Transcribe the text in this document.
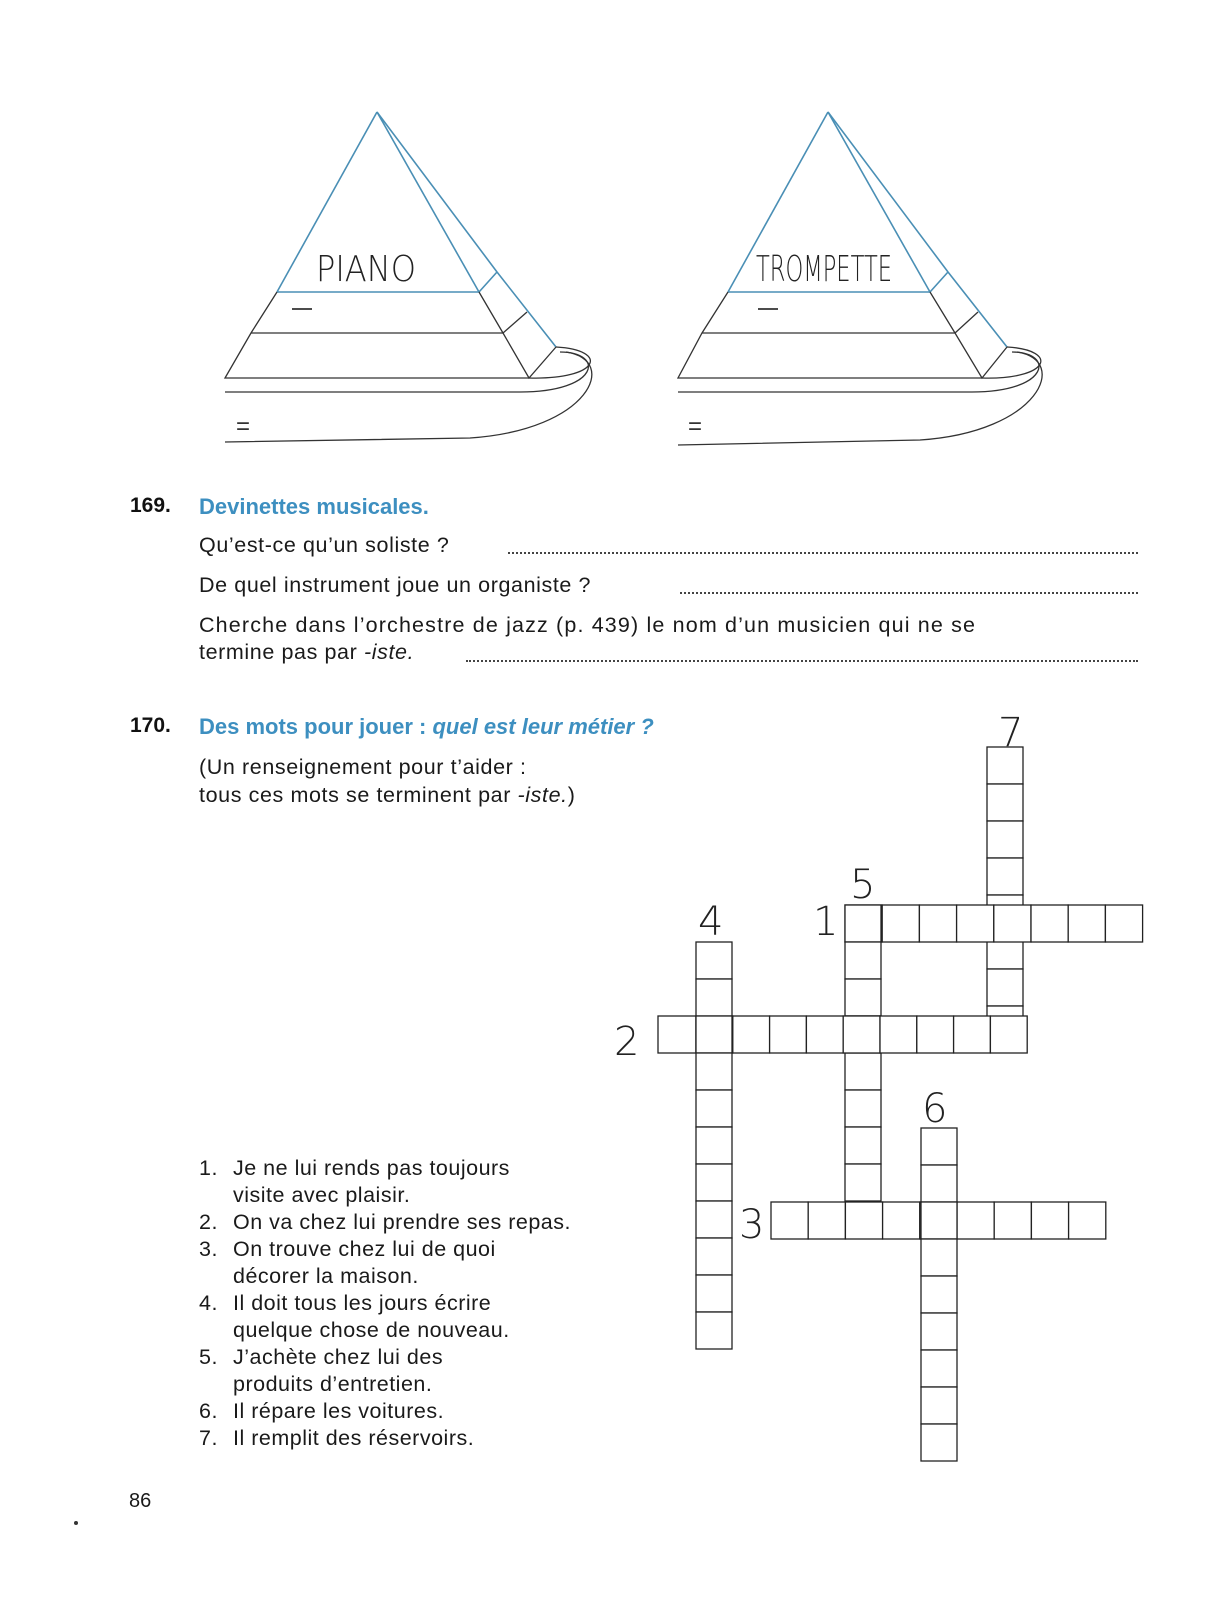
PIANO
=
TROMPETTE
=
169. Devinettes musicales.
Qu’est-ce qu’un soliste ?
De quel instrument joue un organiste ?
Cherche dans l’orchestre de jazz (p. 439) le nom d’un musicien qui ne se
termine pas par -iste.
170. Des mots pour jouer : quel est leur métier ?
(Un renseignement pour t’aider :
tous ces mots se terminent par -iste.)
7
5
4 1
2
6
3
1. Je ne lui rends pas toujours
visite avec plaisir.
2. On va chez lui prendre ses repas.
3. On trouve chez lui de quoi
décorer la maison.
4. Il doit tous les jours écrire
quelque chose de nouveau.
5. J’achète chez lui des
produits d’entretien.
6. Il répare les voitures.
7. Il remplit des réservoirs.
86
